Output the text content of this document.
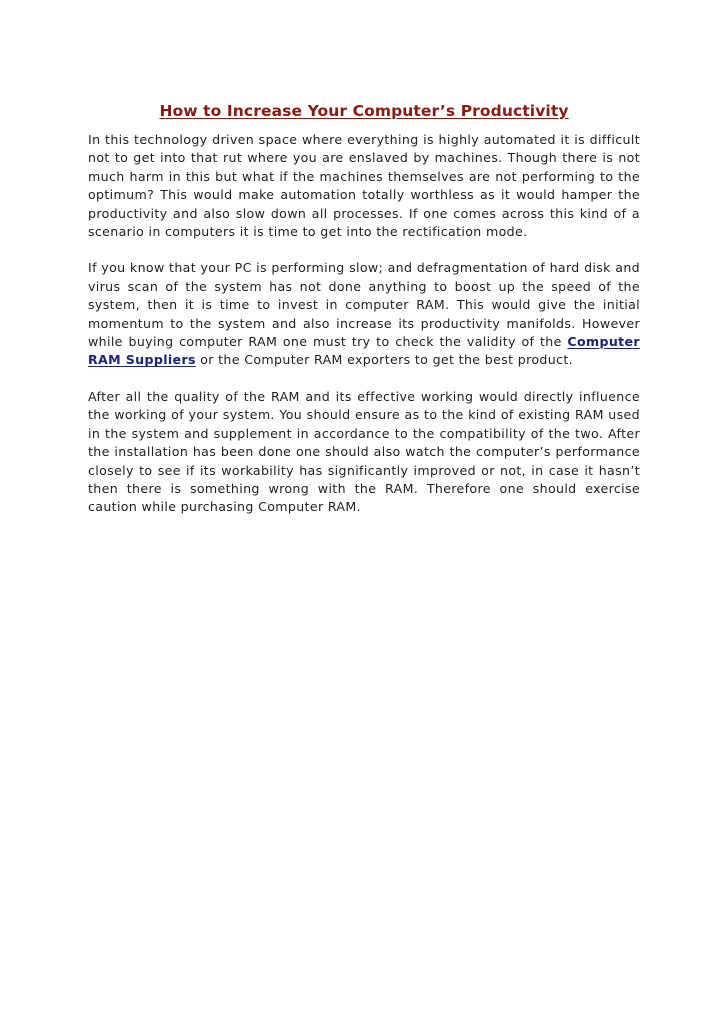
How to Increase Your Computer’s Productivity

In this technology driven space where everything is highly automated it is difficult not to get into that rut where you are enslaved by machines. Though there is not much harm in this but what if the machines themselves are not performing to the optimum? This would make automation totally worthless as it would hamper the productivity and also slow down all processes. If one comes across this kind of a scenario in computers it is time to get into the rectification mode.

If you know that your PC is performing slow; and defragmentation of hard disk and virus scan of the system has not done anything to boost up the speed of the system, then it is time to invest in computer RAM. This would give the initial momentum to the system and also increase its productivity manifolds. However while buying computer RAM one must try to check the validity of the Computer RAM Suppliers or the Computer RAM exporters to get the best product.

After all the quality of the RAM and its effective working would directly influence the working of your system. You should ensure as to the kind of existing RAM used in the system and supplement in accordance to the compatibility of the two. After the installation has been done one should also watch the computer’s performance closely to see if its workability has significantly improved or not, in case it hasn’t then there is something wrong with the RAM. Therefore one should exercise caution while purchasing Computer RAM.
